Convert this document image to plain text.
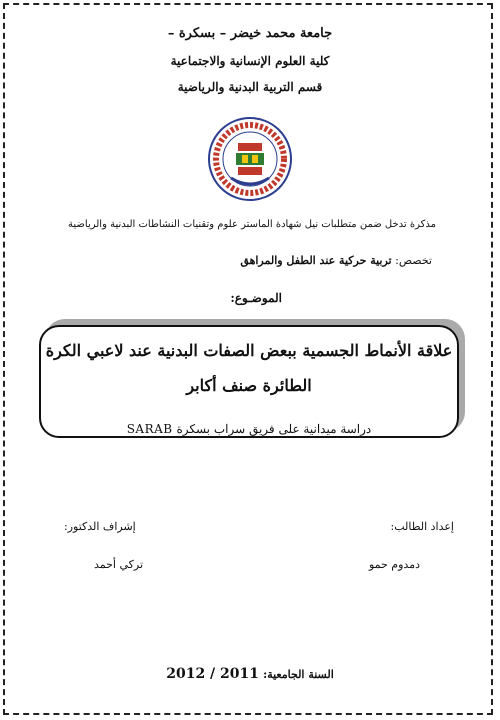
جامعة محمد خيضر – بسكرة –
كلية العلوم الإنسانية والاجتماعية
قسم التربية البدنية والرياضية
مذكرة تدخل ضمن متطلبات نيل شهادة الماستر علوم وتقنيات النشاطات البدنية والرياضية
تخصص: تربية حركية عند الطفل والمراهق
الموضـوع:
علاقة الأنماط الجسمية ببعض الصفات البدنية عند لاعبي الكرة
الطائرة صنف أكابر
دراسة ميدانية على فريق سراب بسكرة SARAB
إعداد الطالب:
إشراف الدكتور:
دمدوم حمو
تركي أحمد
السنة الجامعية: 2012 / 2011
